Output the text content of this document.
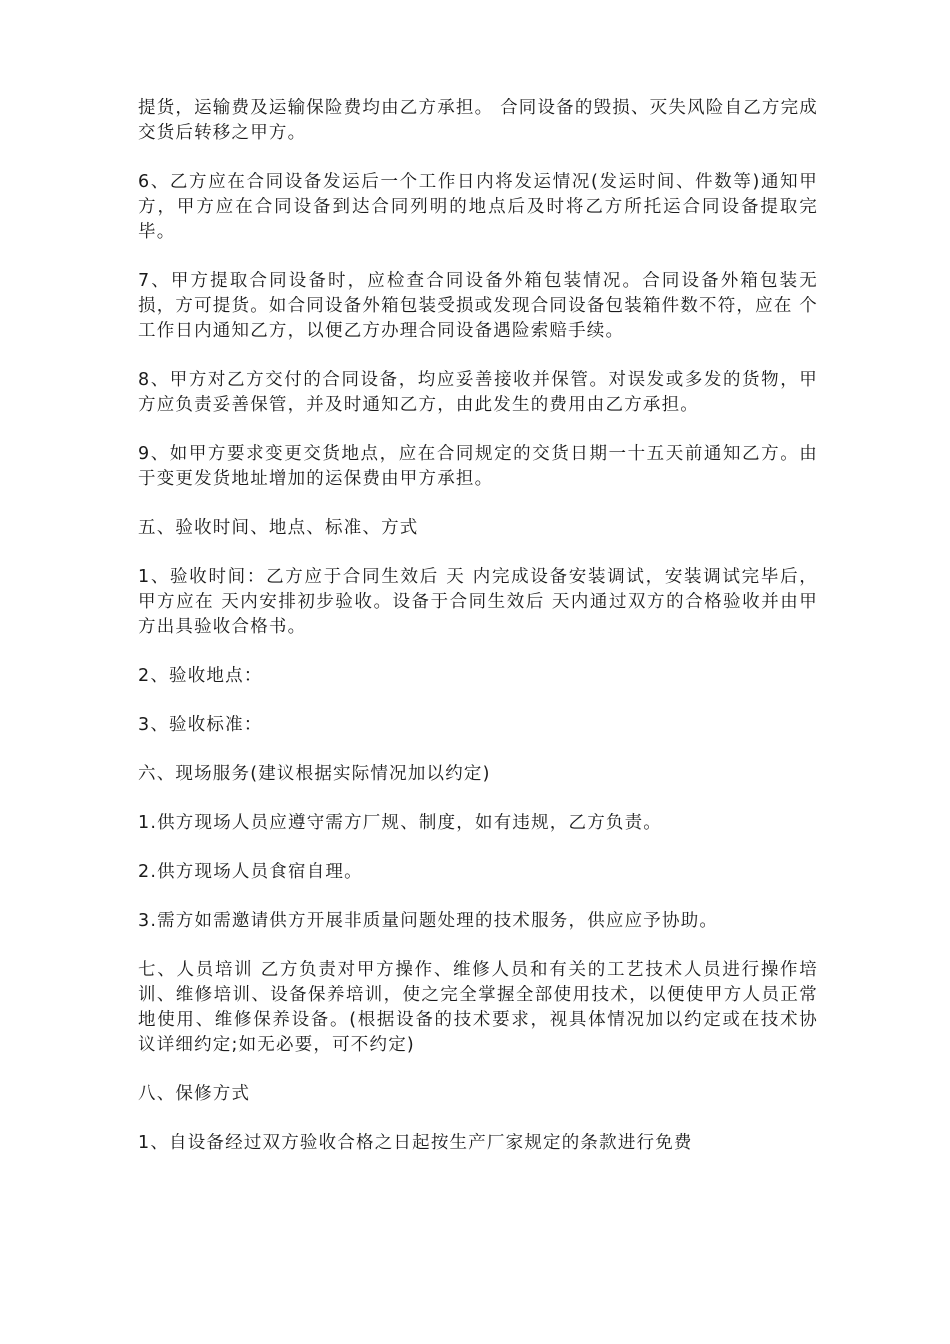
提货，运输费及运输保险费均由乙方承担。 合同设备的毁损、灭失风险自乙方完成交货后转移之甲方。

6、乙方应在合同设备发运后一个工作日内将发运情况(发运时间、件数等)通知甲方，甲方应在合同设备到达合同列明的地点后及时将乙方所托运合同设备提取完毕。

7、甲方提取合同设备时，应检查合同设备外箱包装情况。合同设备外箱包装无损，方可提货。如合同设备外箱包装受损或发现合同设备包装箱件数不符，应在 个工作日内通知乙方，以便乙方办理合同设备遇险索赔手续。

8、甲方对乙方交付的合同设备，均应妥善接收并保管。对误发或多发的货物，甲方应负责妥善保管，并及时通知乙方，由此发生的费用由乙方承担。

9、如甲方要求变更交货地点，应在合同规定的交货日期一十五天前通知乙方。由于变更发货地址增加的运保费由甲方承担。

五、验收时间、地点、标准、方式

1、验收时间：乙方应于合同生效后 天 内完成设备安装调试，安装调试完毕后，甲方应在 天内安排初步验收。设备于合同生效后 天内通过双方的合格验收并由甲方出具验收合格书。

2、验收地点：

3、验收标准：

六、现场服务(建议根据实际情况加以约定)

1.供方现场人员应遵守需方厂规、制度，如有违规，乙方负责。

2.供方现场人员食宿自理。

3.需方如需邀请供方开展非质量问题处理的技术服务，供应应予协助。

七、人员培训 乙方负责对甲方操作、维修人员和有关的工艺技术人员进行操作培训、维修培训、设备保养培训，使之完全掌握全部使用技术，以便使甲方人员正常地使用、维修保养设备。(根据设备的技术要求，视具体情况加以约定或在技术协议详细约定;如无必要，可不约定)

八、保修方式

1、自设备经过双方验收合格之日起按生产厂家规定的条款进行免费
